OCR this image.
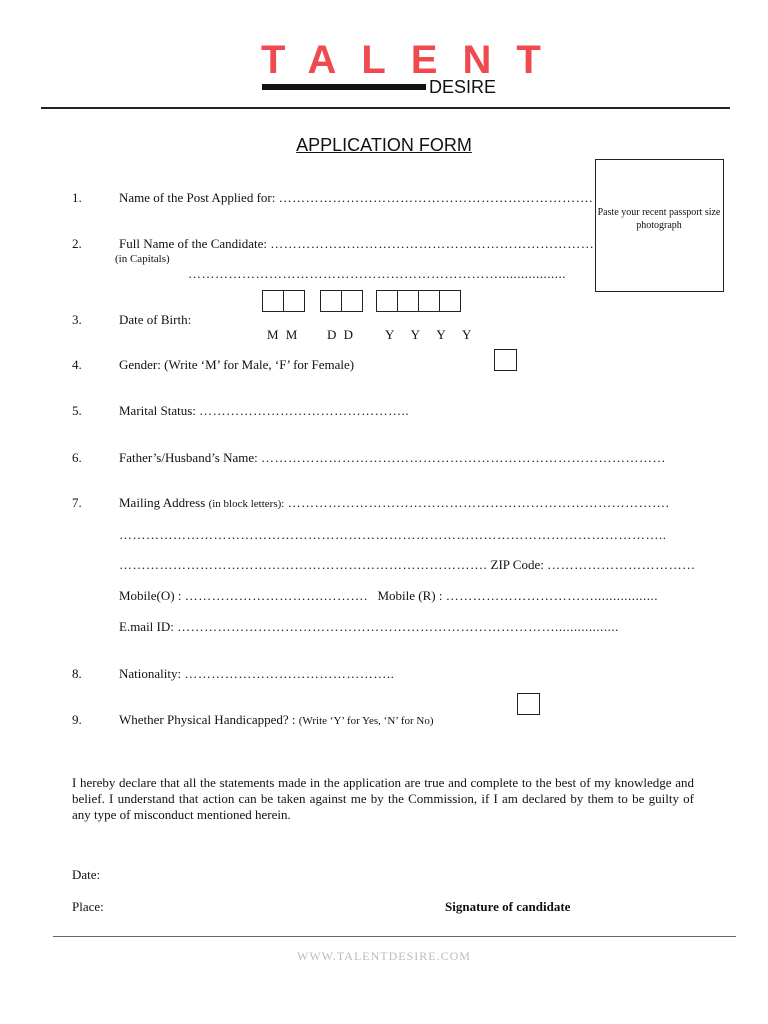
TALENT
DESIRE
APPLICATION FORM
Paste your recent passport size photograph
1.	Name of the Post Applied for: …………………………………………………………….
2.	Full Name of the Candidate: ………………………………………………………………
(in Capitals)
……………………………………………………………..................
3.	Date of Birth:
M M D D Y Y Y Y
4.	Gender: (Write ‘M’ for Male, ‘F’ for Female)
5.	Marital Status: ………………………………………..
6.	Father’s/Husband’s Name: ………………………………………………………………………………
7.	Mailing Address (in block letters): ………………………………………………………………………….
…………………………………………………………………………………………………………..
………………………………………………………………………. ZIP Code: ……………………………
Mobile(O) : ………………………….………. Mobile (R) : …………………………….................
E.mail ID: ………………………………………………………………………….................
8.	Nationality: ………………………………………..
9.	Whether Physical Handicapped? : (Write ‘Y’ for Yes, ‘N’ for No)
I hereby declare that all the statements made in the application are true and complete to the best of my knowledge and belief. I understand that action can be taken against me by the Commission, if I am declared by them to be guilty of any type of misconduct mentioned herein.
Date:
Place:	Signature of candidate
WWW.TALENTDESIRE.COM
